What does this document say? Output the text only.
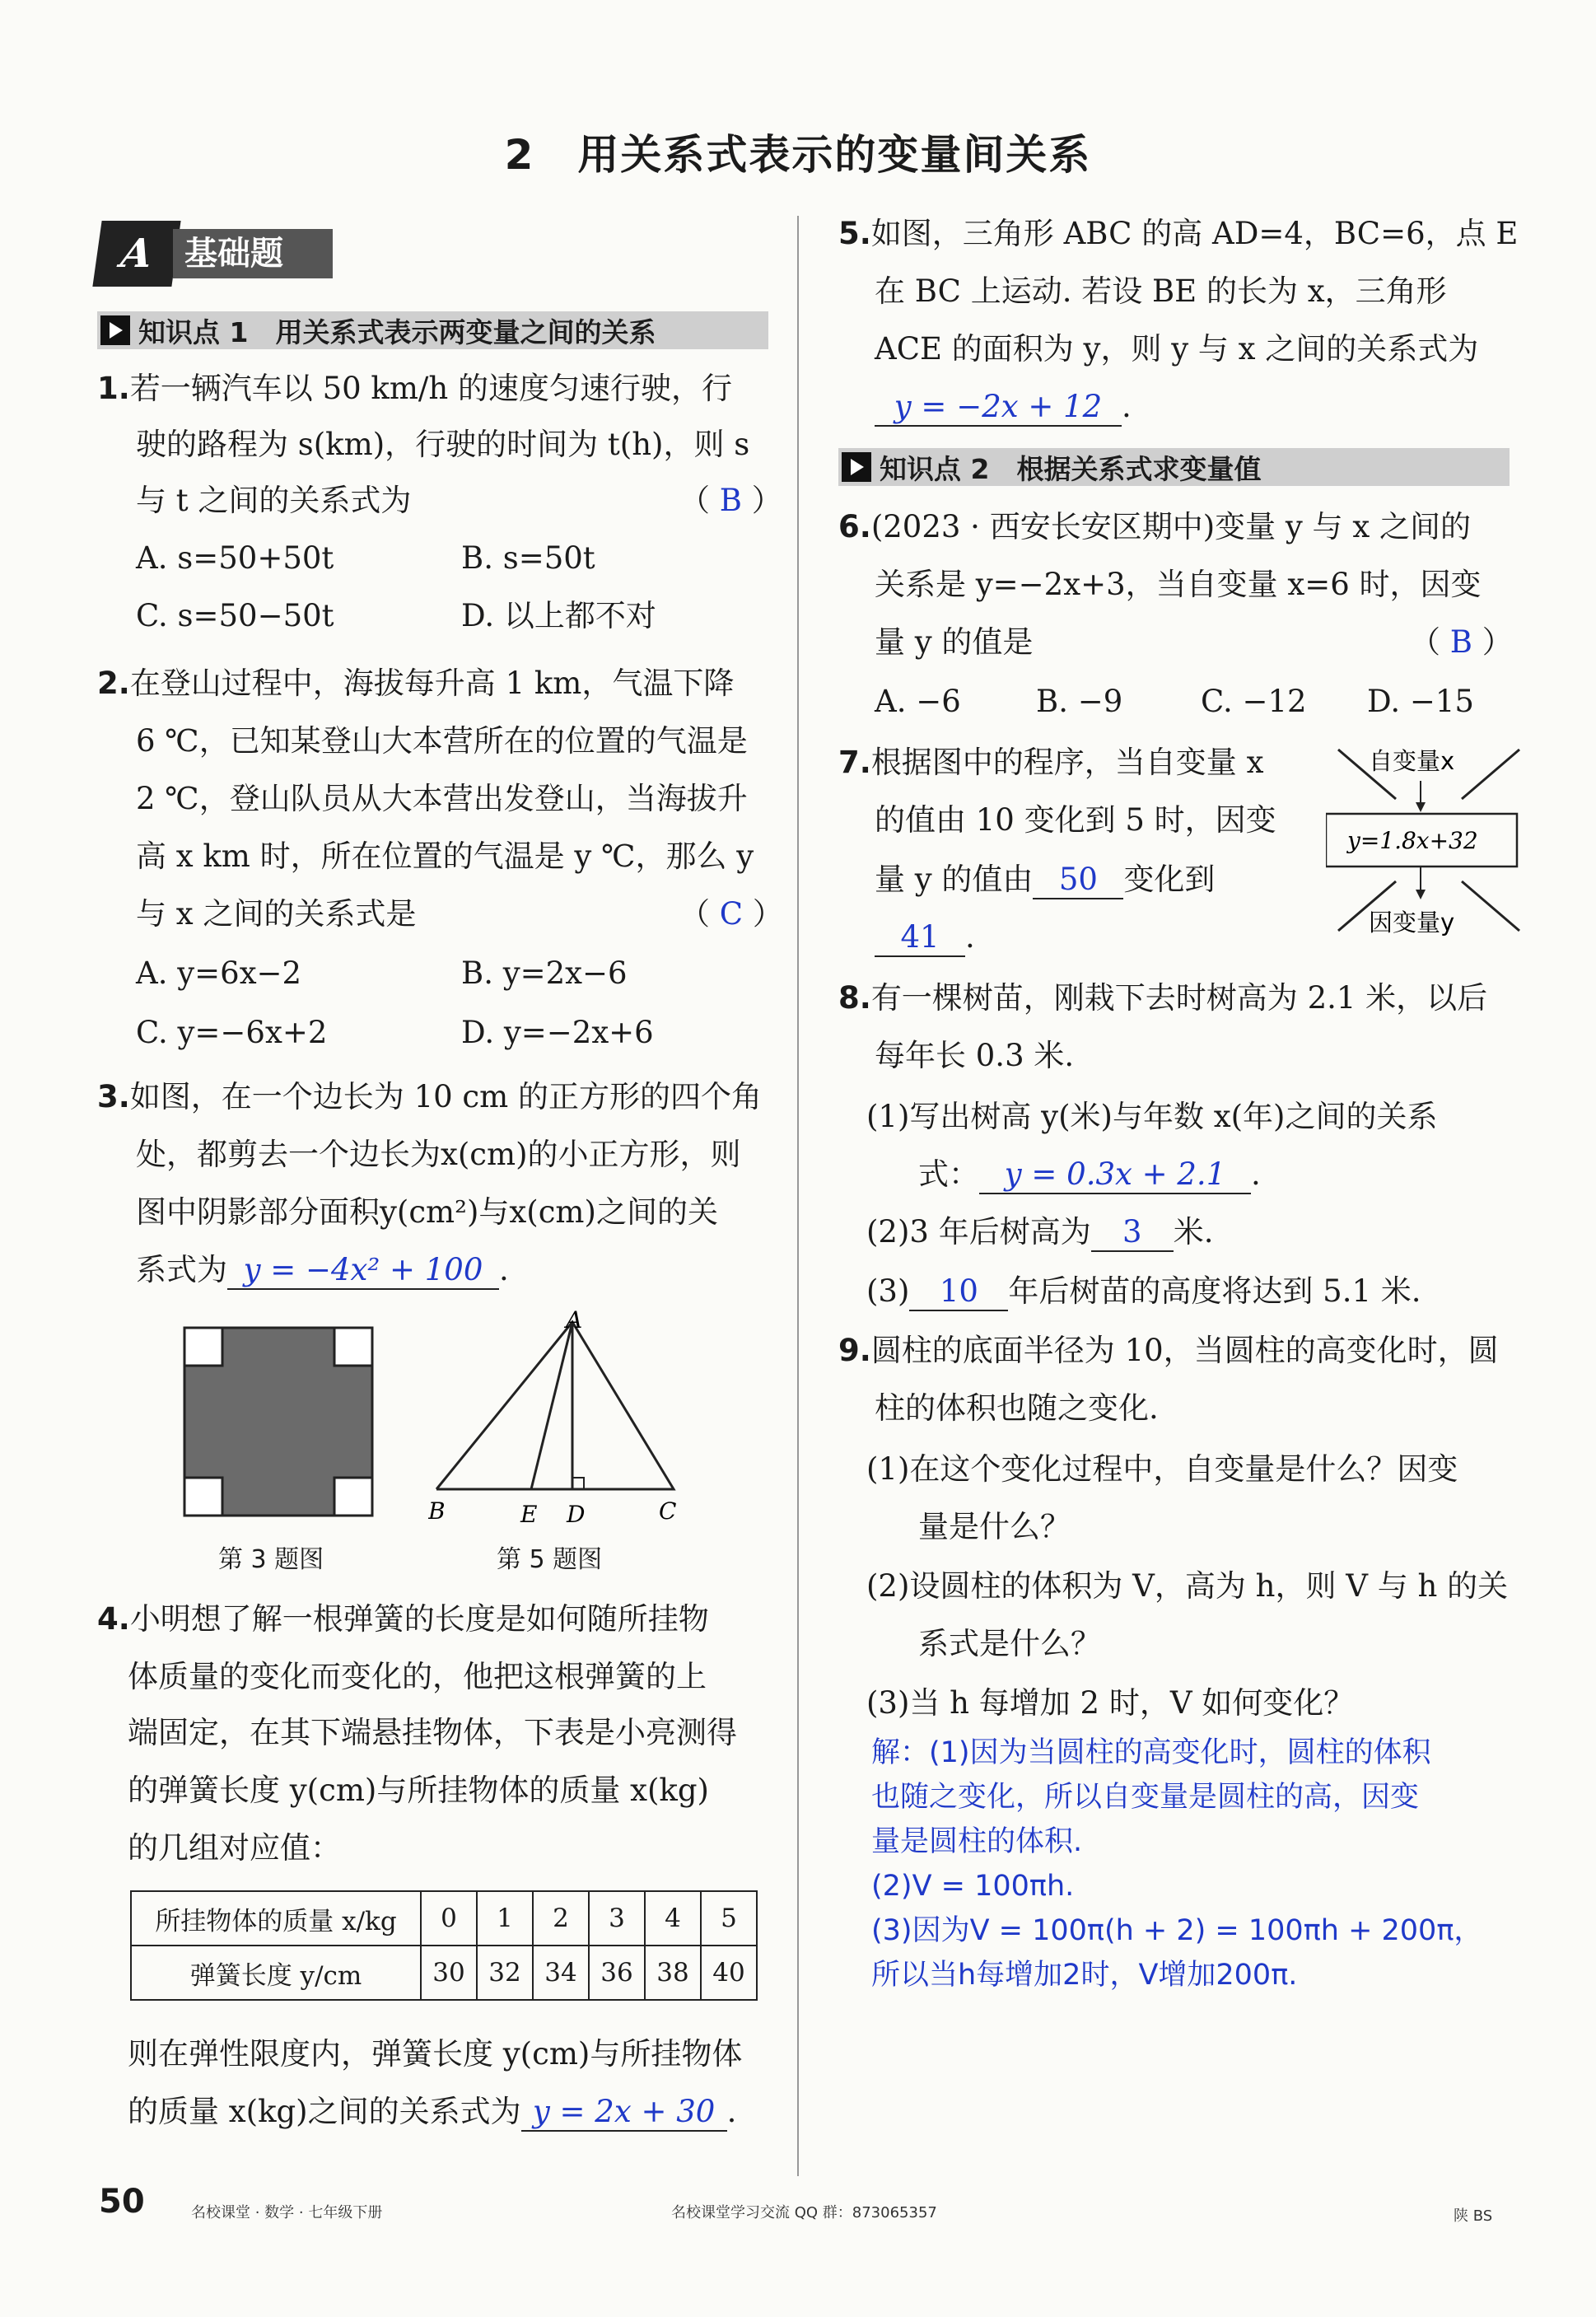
2　用关系式表示的变量间关系
A 基础题
知识点 1　用关系式表示两变量之间的关系
1.若一辆汽车以 50 km/h 的速度匀速行驶，行
驶的路程为 s(km)，行驶的时间为 t(h)，则 s
与 t 之间的关系式为	（ B ）
A. s=50+50t	B. s=50t
C. s=50−50t	D. 以上都不对
2.在登山过程中，海拔每升高 1 km，气温下降
6 ℃，已知某登山大本营所在的位置的气温是
2 ℃，登山队员从大本营出发登山，当海拔升
高 x km 时，所在位置的气温是 y ℃，那么 y
与 x 之间的关系式是	（ C ）
A. y=6x−2	B. y=2x−6
C. y=−6x+2	D. y=−2x+6
3.如图，在一个边长为 10 cm 的正方形的四个角
处，都剪去一个边长为x(cm)的小正方形，则
图中阴影部分面积y(cm²)与x(cm)之间的关
系式为 y = −4x² + 100 .
第 3 题图
A
B	E D	C
第 5 题图
4.小明想了解一根弹簧的长度是如何随所挂物
体质量的变化而变化的，他把这根弹簧的上
端固定，在其下端悬挂物体，下表是小亮测得
的弹簧长度 y(cm)与所挂物体的质量 x(kg)
的几组对应值：
所挂物体的质量 x/kg	0	1	2	3	4	5
弹簧长度 y/cm	30	32	34	36	38	40
则在弹性限度内，弹簧长度 y(cm)与所挂物体
的质量 x(kg)之间的关系式为 y = 2x + 30 .
5.如图，三角形 ABC 的高 AD=4，BC=6，点 E
在 BC 上运动. 若设 BE 的长为 x，三角形
ACE 的面积为 y，则 y 与 x 之间的关系式为
y = −2x + 12 .
知识点 2　根据关系式求变量值
6.(2023 · 西安长安区期中)变量 y 与 x 之间的
关系是 y=−2x+3，当自变量 x=6 时，因变
量 y 的值是	（ B ）
A. −6 B. −9	C. −12 D. −15
7.根据图中的程序，当自变量 x
的值由 10 变化到 5 时，因变
量 y 的值由 50 变化到
41 .
自变量x
y=1.8x+32
因变量y
8.有一棵树苗，刚栽下去时树高为 2.1 米，以后
每年长 0.3 米.
(1)写出树高 y(米)与年数 x(年)之间的关系
式： y = 0.3x + 2.1 .
(2)3 年后树高为 3 米.
(3) 10 年后树苗的高度将达到 5.1 米.
9.圆柱的底面半径为 10，当圆柱的高变化时，圆
柱的体积也随之变化.
(1)在这个变化过程中，自变量是什么？因变
量是什么？
(2)设圆柱的体积为 V，高为 h，则 V 与 h 的关
系式是什么？
(3)当 h 每增加 2 时，V 如何变化？
解：(1)因为当圆柱的高变化时，圆柱的体积
也随之变化，所以自变量是圆柱的高，因变
量是圆柱的体积.
(2)V = 100πh.
(3)因为V = 100π(h + 2) = 100πh + 200π，
所以当h每增加2时，V增加200π.
50	名校课堂 · 数学 · 七年级下册	名校课堂学习交流 QQ 群：873065357	陕 BS
